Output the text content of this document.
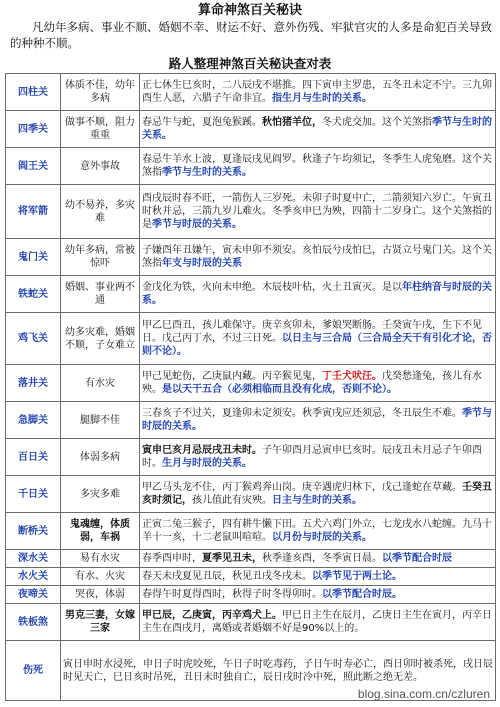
算命神煞百关秘诀
凡幼年多病、事业不顺、婚姻不幸、财运不好、意外伤残、牢狱官灾的人多是命犯百关导致的种种不顺。
路人整理神煞百关秘诀查对表
四柱关	体质不佳，幼年多病	正七休生巳亥时，二八辰戌不堪推。四下寅申主罗患，五冬丑未定不宁。三九卯酉生人恶，六腊子午命非宜。指生月与生时的关系。
四季关	做事不顺，阻力重重	春忌牛与蛇，夏泡兔猴蹊。秋怕猪羊位，冬犬虎交加。这个关煞指季节与生时的关系。
阎王关	意外事故	春忌牛羊水上波，夏逢辰戌见阎罗。秋逢子午均须记，冬季生人虎兔磨。这个关煞指季节与生时的关系。
将军箭	幼不易养，多灾难	酉戌辰时春不旺，一箭伤人三岁死。未卯子时夏中亡，二箭须知六岁亡。午寅丑时秋并忌，三箭九岁儿难火。冬季亥申巳为殃，四箭十二岁身亡。这个关煞指的是季节与时辰的关系。
鬼门关	幼年多病，常被惊吓	子嫌酉年丑嫌午，寅未申卯不须安。亥怕辰兮戌怕巳，古贤立号鬼门关。这个关煞指年支与时辰的关系
铁蛇关	婚姻、事业两不通	金戊化为铁，火向未申绝。木辰枝叶枯，火土丑寅灭。是以年柱纳音与时辰的关系。
鸡飞关	幼多灾难，婚姻不顺，子女难立	甲乙巳酉丑，孩儿难保守。庚辛亥卯未，爹娘哭断肠。壬癸寅午戌，生下不见日。戊己丙丁水，不过三日死。以日主与三合局（三合局全天干有引化才论，否则不论）。
落井关	有水灾	甲己见蛇伤，乙庚鼠内藏。丙辛猴见鬼，丁壬犬吠汪。戊癸愁逢兔，孩儿有水殃。是以天干五合（必须相临而且没有化成，否则不论）。
急脚关	腿脚不佳	三春亥子不过关，夏逢卯未定须安。秋季寅戌应还须忌，冬丑辰生不难。季节与时辰的关系。
百日关	体弱多病	寅申巳亥月忌辰戌丑未时。子午卯酉月忌寅申巳亥时。辰戌丑未月忌子午卯酉时。生月与时辰的关系。
千日关	多灾多难	甲乙马头龙不住，丙丁猴鸡奔山岗。庚辛遇虎归林下，戊己逢蛇在草藏。壬癸丑亥时须记，孩儿值此有灾殃。日主与生时的关系。
断桥关	鬼魂缠，体质弱，车祸	正寅二兔三猴子，四有耕牛懒下田。五犬六鸡门外立，七龙戌水八蛇缠。九马十羊十一亥，十二老鼠叫喧喧。以月份与时辰的关系。
深水关	易有水灾	春季酉申时，夏季见丑未，秋季逢亥酉，冬季寅日晨。以季节配合时辰
水火关	有水、火灾	春天未戌夏见丑辰，秋见丑戌冬戌未。以季节见于两土论。
夜啼关	哭夜，体弱	春得午时夏得酉时，秋得子时冬得卯时。以季节配合时辰。
铁板煞	男克三妻，女嫁三家	甲已辰，乙庚寅，丙辛鸡犬上。甲已日主生在辰月，乙庚日主生在寅月，丙辛日主生在酉戌月，离婚或者婚姻不好是90%以上的。
伤死	寅日申时水浸死，申日子时虎咬死，午日子时吃毒药，子日午时寿必亡，酉日卯时被杀死，戌日辰时见天亡，巳日亥时吊死，丑日未时独自亡，辰日戌时冷中死，照此断之绝无差。	
blog.sina.com.cn/czluren
